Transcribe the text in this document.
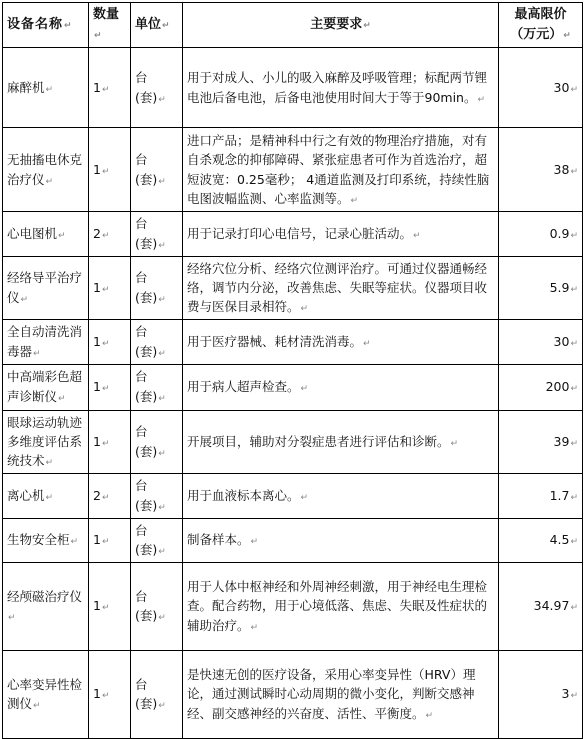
设备名称↵	数量↵	单位↵	主要要求↵	最高限价
（万元）↵
麻醉机↵	1↵	台(套)↵	用于对成人、小儿的吸入麻醉及呼吸管理；标配两节锂电池后备电池，后备电池使用时间大于等于90min。↵	30↵
无抽搐电休克治疗仪↵	1↵	台(套)↵	进口产品；是精神科中行之有效的物理治疗措施，对有自杀观念的抑郁障碍、紧张症患者可作为首选治疗，超短波宽：0.25毫秒； 4通道监测及打印系统，持续性脑电图波幅监测、心率监测等。↵	38↵
心电图机↵	2↵	台(套)↵	用于记录打印心电信号，记录心脏活动。↵	0.9↵
经络导平治疗仪↵	1↵	台(套)↵	经络穴位分析、经络穴位测评治疗。可通过仪器通畅经络，调节内分泌，改善焦虑、失眠等症状。仪器项目收费与医保目录相符。↵	5.9↵
全自动清洗消毒器↵	1↵	台(套)↵	用于医疗器械、耗材清洗消毒。↵	30↵
中高端彩色超声诊断仪↵	1↵	台(套)↵	用于病人超声检查。↵	200↵
眼球运动轨迹多维度评估系统技术↵	1↵	台(套)↵	开展项目，辅助对分裂症患者进行评估和诊断。↵	39↵
离心机↵	2↵	台(套)↵	用于血液标本离心。↵	1.7↵
生物安全柜↵	1↵	台(套)↵	制备样本。↵	4.5↵
经颅磁治疗仪↵	1↵	台(套)↵	用于人体中枢神经和外周神经刺激，用于神经电生理检查。配合药物，用于心境低落、焦虑、失眠及性症状的辅助治疗。↵	34.97↵
心率变异性检测仪↵	1↵	台(套)↵	是快速无创的医疗设备，采用心率变异性（HRV）理论，通过测试瞬时心动周期的微小变化，判断交感神经、副交感神经的兴奋度、活性、平衡度。↵	3↵
